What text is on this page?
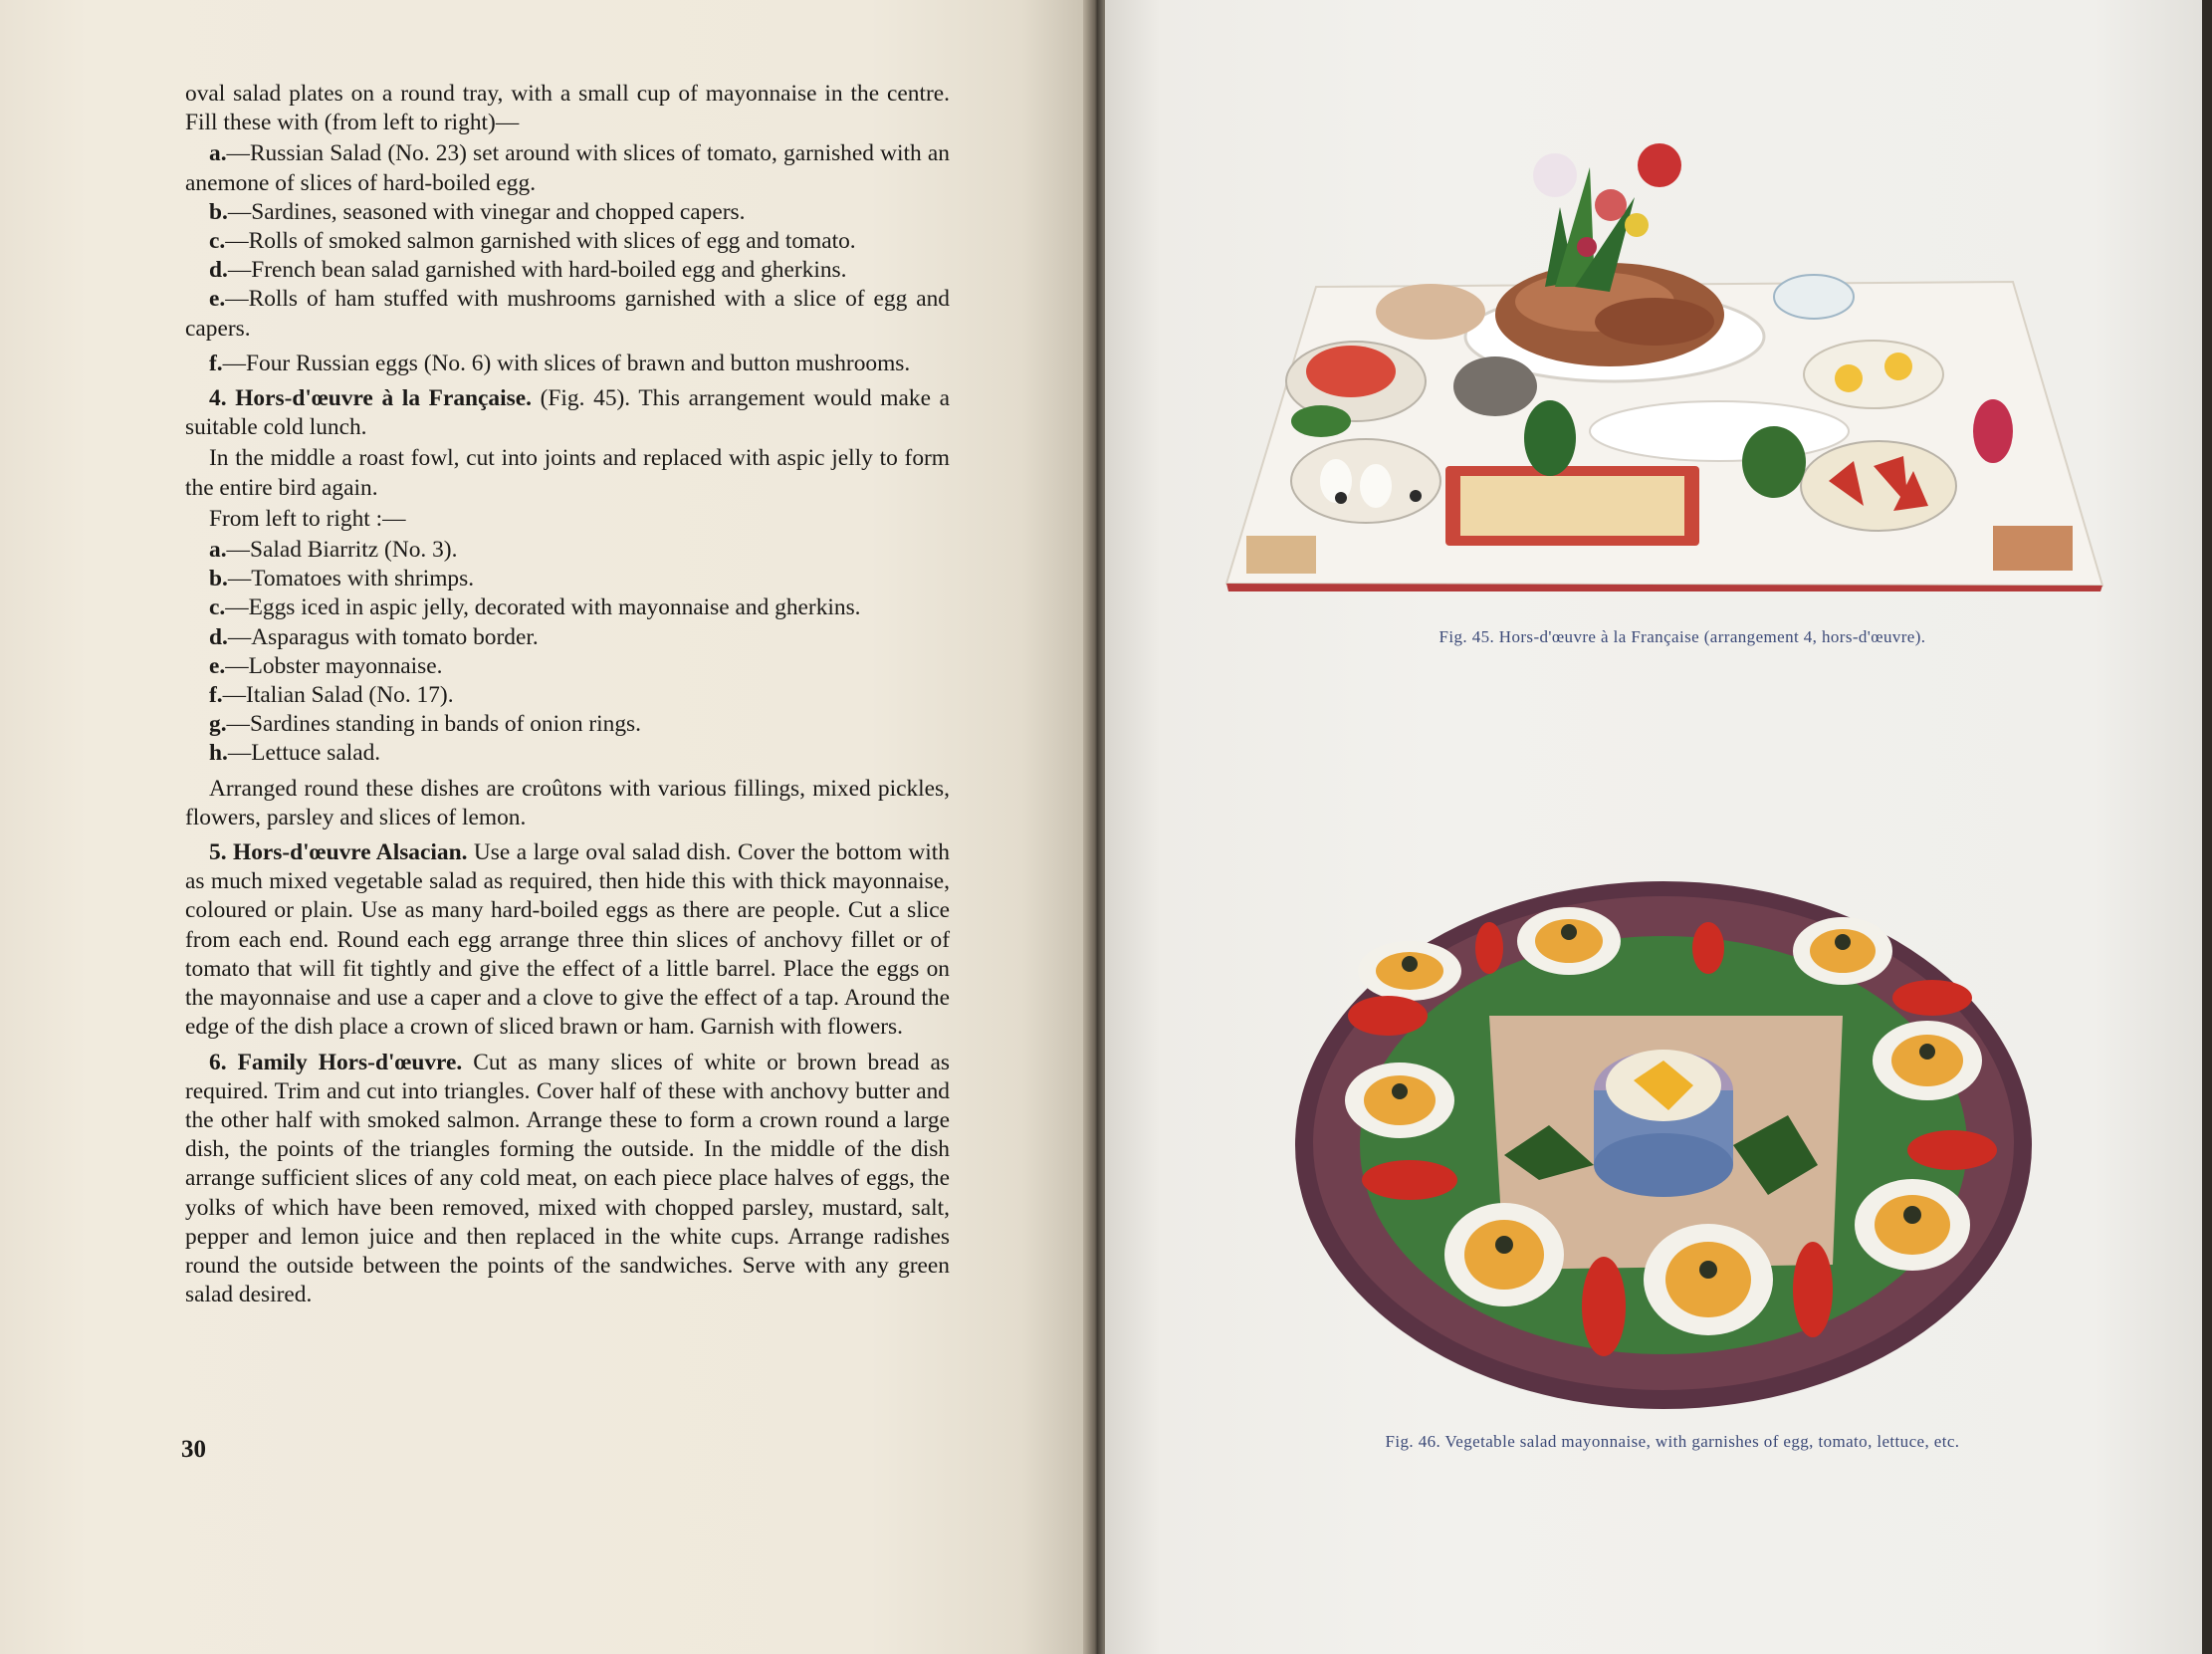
oval salad plates on a round tray, with a small cup of mayonnaise in the centre. Fill these with (from left to right)—

a.—Russian Salad (No. 23) set around with slices of tomato, garnished with an anemone of slices of hard-boiled egg.
b.—Sardines, seasoned with vinegar and chopped capers.
c.—Rolls of smoked salmon garnished with slices of egg and tomato.
d.—French bean salad garnished with hard-boiled egg and gherkins.
e.—Rolls of ham stuffed with mushrooms garnished with a slice of egg and capers.
f.—Four Russian eggs (No. 6) with slices of brawn and button mushrooms.

4. Hors-d'œuvre à la Française. (Fig. 45). This arrangement would make a suitable cold lunch.

In the middle a roast fowl, cut into joints and replaced with aspic jelly to form the entire bird again.

From left to right :—

a.—Salad Biarritz (No. 3).
b.—Tomatoes with shrimps.
c.—Eggs iced in aspic jelly, decorated with mayonnaise and gherkins.
d.—Asparagus with tomato border.
e.—Lobster mayonnaise.
f.—Italian Salad (No. 17).
g.—Sardines standing in bands of onion rings.
h.—Lettuce salad.

Arranged round these dishes are croûtons with various fillings, mixed pickles, flowers, parsley and slices of lemon.

5. Hors-d'œuvre Alsacian. Use a large oval salad dish. Cover the bottom with as much mixed vegetable salad as required, then hide this with thick mayonnaise, coloured or plain. Use as many hard-boiled eggs as there are people. Cut a slice from each end. Round each egg arrange three thin slices of anchovy fillet or of tomato that will fit tightly and give the effect of a little barrel. Place the eggs on the mayonnaise and use a caper and a clove to give the effect of a tap. Around the edge of the dish place a crown of sliced brawn or ham. Garnish with flowers.

6. Family Hors-d'œuvre. Cut as many slices of white or brown bread as required. Trim and cut into triangles. Cover half of these with anchovy butter and the other half with smoked salmon. Arrange these to form a crown round a large dish, the points of the triangles forming the outside. In the middle of the dish arrange sufficient slices of any cold meat, on each piece place halves of eggs, the yolks of which have been removed, mixed with chopped parsley, mustard, salt, pepper and lemon juice and then replaced in the white cups. Arrange radishes round the outside between the points of the sandwiches. Serve with any green salad desired.

30
Fig. 45. Hors-d'œuvre à la Française (arrangement 4, hors-d'œuvre).
Fig. 46. Vegetable salad mayonnaise, with garnishes of egg, tomato, lettuce, etc.
